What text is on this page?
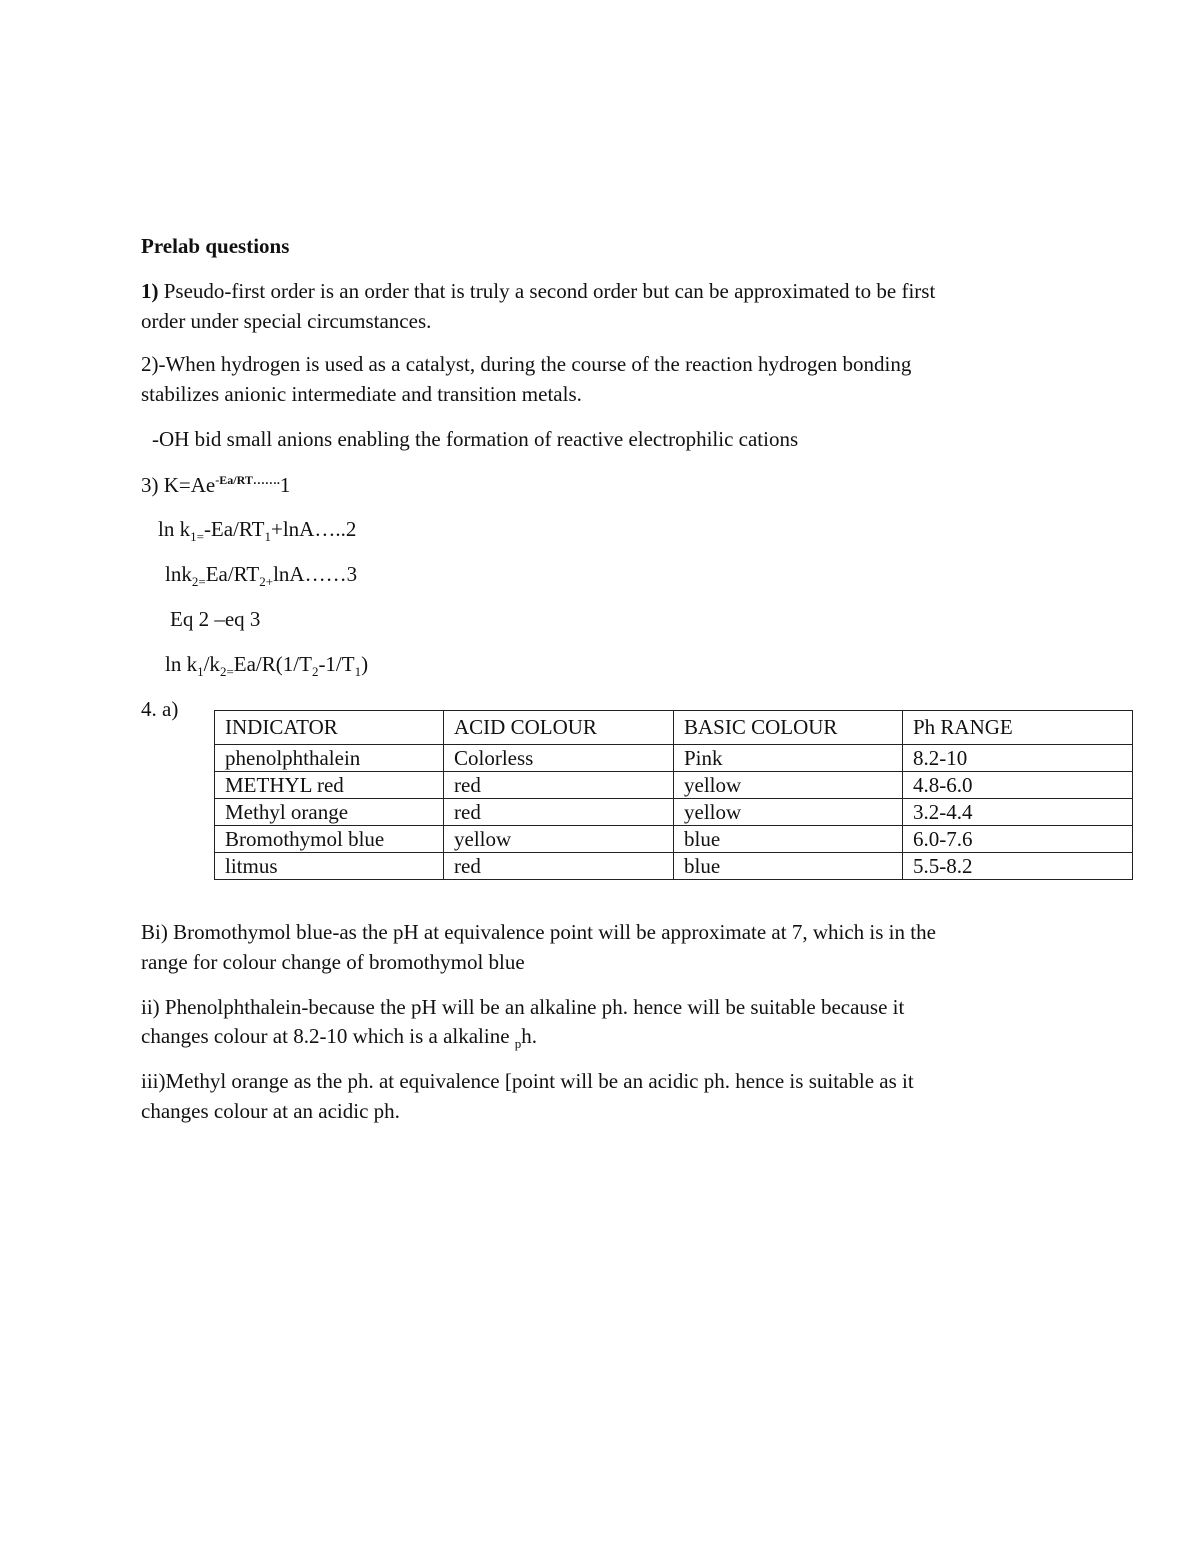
Prelab questions
1) Pseudo-first order is an order that is truly a second order but can be approximated to be first
order under special circumstances.
2)-When hydrogen is used as a catalyst, during the course of the reaction hydrogen bonding
stabilizes anionic intermediate and transition metals.
-OH bid small anions enabling the formation of reactive electrophilic cations
3) $K=Ae^{-Ea/RT\dots\dots.}1$
$\ln k_{1=}-Ea/RT_1+\ln A\dots..2$
$\ln k_{2=}Ea/RT_{2+}\ln A\dots\dots 3$
Eq 2 –eq 3
$\ln k_1/k_{2=}Ea/R(1/T_2-1/T_1)$
4. a)
INDICATOR	ACID COLOUR	BASIC COLOUR	Ph RANGE
phenolphthalein	Colorless	Pink	8.2-10
METHYL red	red	yellow	4.8-6.0
Methyl orange	red	yellow	3.2-4.4
Bromothymol blue	yellow	blue	6.0-7.6
litmus	red	blue	5.5-8.2
Bi) Bromothymol blue-as the pH at equivalence point will be approximate at 7, which is in the
range for colour change of bromothymol blue
ii) Phenolphthalein-because the pH will be an alkaline ph. hence will be suitable because it
changes colour at 8.2-10 which is a alkaline $_p$h.
iii)Methyl orange as the ph. at equivalence [point will be an acidic ph. hence is suitable as it
changes colour at an acidic ph.
